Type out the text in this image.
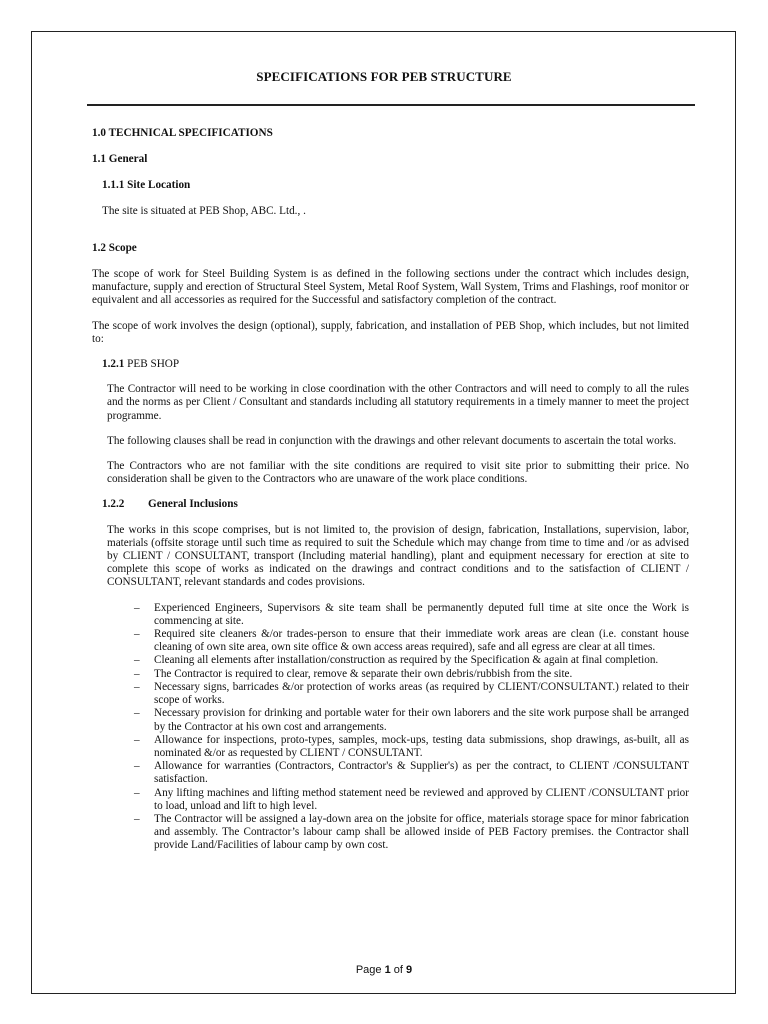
SPECIFICATIONS FOR PEB STRUCTURE
1.0 TECHNICAL SPECIFICATIONS
1.1 General
1.1.1 Site Location
The site is situated at PEB Shop, ABC. Ltd., .
1.2 Scope
The scope of work for Steel Building System is as defined in the following sections under the contract which includes design, manufacture, supply and erection of Structural Steel System, Metal Roof System, Wall System, Trims and Flashings, roof monitor or equivalent and all accessories as required for the Successful and satisfactory completion of the contract.
The scope of work involves the design (optional), supply, fabrication, and installation of PEB Shop, which includes, but not limited to:
1.2.1 PEB SHOP
The Contractor will need to be working in close coordination with the other Contractors and will need to comply to all the rules and the norms as per Client / Consultant and standards including all statutory requirements in a timely manner to meet the project programme.
The following clauses shall be read in conjunction with the drawings and other relevant documents to ascertain the total works.
The Contractors who are not familiar with the site conditions are required to visit site prior to submitting their price. No consideration shall be given to the Contractors who are unaware of the work place conditions.
1.2.2 General Inclusions
The works in this scope comprises, but is not limited to, the provision of design, fabrication, Installations, supervision, labor, materials (offsite storage until such time as required to suit the Schedule which may change from time to time and /or as advised by CLIENT / CONSULTANT, transport (Including material handling), plant and equipment necessary for erection at site to complete this scope of works as indicated on the drawings and contract conditions and to the satisfaction of CLIENT / CONSULTANT, relevant standards and codes provisions.
– Experienced Engineers, Supervisors & site team shall be permanently deputed full time at site once the Work is commencing at site.
– Required site cleaners &/or trades-person to ensure that their immediate work areas are clean (i.e. constant house cleaning of own site area, own site office & own access areas required), safe and all egress are clear at all times.
– Cleaning all elements after installation/construction as required by the Specification & again at final completion.
– The Contractor is required to clear, remove & separate their own debris/rubbish from the site.
– Necessary signs, barricades &/or protection of works areas (as required by CLIENT/CONSULTANT.) related to their scope of works.
– Necessary provision for drinking and portable water for their own laborers and the site work purpose shall be arranged by the Contractor at his own cost and arrangements.
– Allowance for inspections, proto-types, samples, mock-ups, testing data submissions, shop drawings, as-built, all as nominated &/or as requested by CLIENT / CONSULTANT.
– Allowance for warranties (Contractors, Contractor's & Supplier's) as per the contract, to CLIENT /CONSULTANT satisfaction.
– Any lifting machines and lifting method statement need be reviewed and approved by CLIENT /CONSULTANT prior to load, unload and lift to high level.
– The Contractor will be assigned a lay-down area on the jobsite for office, materials storage space for minor fabrication and assembly. The Contractor’s labour camp shall be allowed inside of PEB Factory premises. the Contractor shall provide Land/Facilities of labour camp by own cost.
Page 1 of 9
